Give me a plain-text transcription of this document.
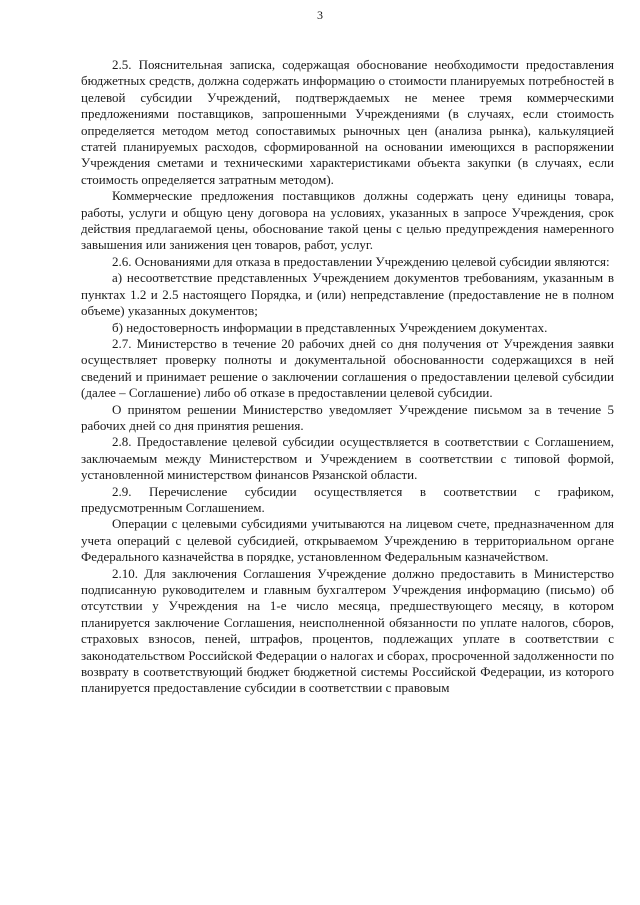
3

2.5. Пояснительная записка, содержащая обоснование необходимости предоставления бюджетных средств, должна содержать информацию о стоимости планируемых потребностей в целевой субсидии Учреждений, подтверждаемых не менее тремя коммерческими предложениями поставщиков, запрошенными Учреждениями (в случаях, если стоимость определяется методом метод сопоставимых рыночных цен (анализа рынка), калькуляцией статей планируемых расходов, сформированной на основании имеющихся в распоряжении Учреждения сметами и техническими характеристиками объекта закупки (в случаях, если стоимость определяется затратным методом).

Коммерческие предложения поставщиков должны содержать цену единицы товара, работы, услуги и общую цену договора на условиях, указанных в запросе Учреждения, срок действия предлагаемой цены, обоснование такой цены с целью предупреждения намеренного завышения или занижения цен товаров, работ, услуг.

2.6. Основаниями для отказа в предоставлении Учреждению целевой субсидии являются:

а) несоответствие представленных Учреждением документов требованиям, указанным в пунктах 1.2 и 2.5 настоящего Порядка, и (или) непредставление (предоставление не в полном объеме) указанных документов;

б) недостоверность информации в представленных Учреждением документах.

2.7. Министерство в течение 20 рабочих дней со дня получения от Учреждения заявки осуществляет проверку полноты и документальной обоснованности содержащихся в ней сведений и принимает решение о заключении соглашения о предоставлении целевой субсидии (далее – Соглашение) либо об отказе в предоставлении целевой субсидии.

О принятом решении Министерство уведомляет Учреждение письмом за в течение 5 рабочих дней со дня принятия решения.

2.8. Предоставление целевой субсидии осуществляется в соответствии с Соглашением, заключаемым между Министерством и Учреждением в соответствии с типовой формой, установленной министерством финансов Рязанской области.

2.9. Перечисление субсидии осуществляется в соответствии с графиком, предусмотренным Соглашением.

Операции с целевыми субсидиями учитываются на лицевом счете, предназначенном для учета операций с целевой субсидией, открываемом Учреждению в территориальном органе Федерального казначейства в порядке, установленном Федеральным казначейством.

2.10. Для заключения Соглашения Учреждение должно предоставить в Министерство подписанную руководителем и главным бухгалтером Учреждения информацию (письмо) об отсутствии у Учреждения на 1-е число месяца, предшествующего месяцу, в котором планируется заключение Соглашения, неисполненной обязанности по уплате налогов, сборов, страховых взносов, пеней, штрафов, процентов, подлежащих уплате в соответствии с законодательством Российской Федерации о налогах и сборах, просроченной задолженности по возврату в соответствующий бюджет бюджетной системы Российской Федерации, из которого планируется предоставление субсидии в соответствии с правовым
